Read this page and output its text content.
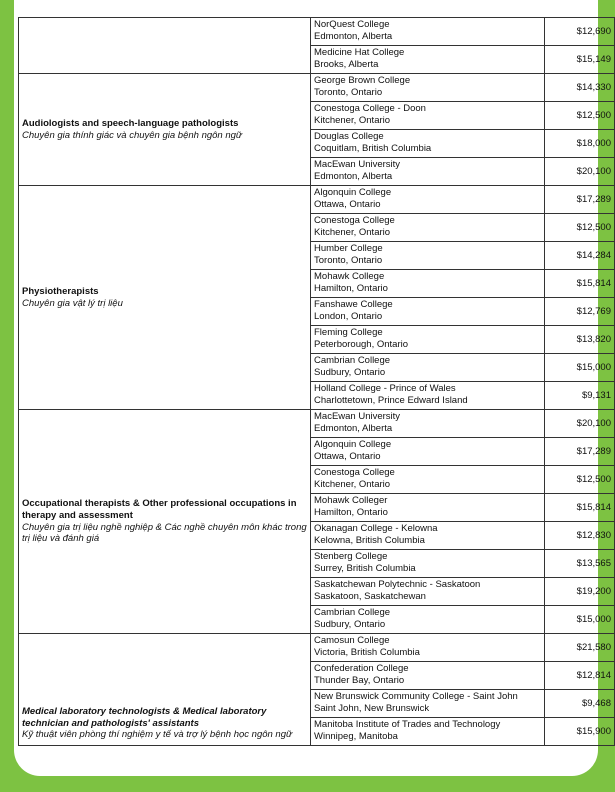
	NorQuest College
Edmonton, Alberta	$12,690

	Medicine Hat College
Brooks, Alberta	$15,149

Audiologists and speech-language pathologists
Chuyên gia thính giác và chuyên gia bệnh ngôn ngữ	George Brown College
Toronto, Ontario	$14,330

	Conestoga College - Doon
Kitchener, Ontario	$12,500

	Douglas College
Coquitlam, British Columbia	$18,000

	MacEwan University
Edmonton, Alberta	$20,100

Physiotherapists
Chuyên gia vật lý trị liệu	Algonquin College
Ottawa, Ontario	$17,289

	Conestoga College
Kitchener, Ontario	$12,500

	Humber College
Toronto, Ontario	$14,284

	Mohawk College
Hamilton, Ontario	$15,814

	Fanshawe College
London, Ontario	$12,769

	Fleming College
Peterborough, Ontario	$13,820

	Cambrian College
Sudbury, Ontario	$15,000

	Holland College - Prince of Wales
Charlottetown, Prince Edward Island	$9,131

Occupational therapists & Other professional occupations in therapy and assessment
Chuyên gia trị liệu nghề nghiệp & Các nghề chuyên môn khác trong trị liệu và đánh giá	MacEwan University
Edmonton, Alberta	$20,100

	Algonquin College
Ottawa, Ontario	$17,289

	Conestoga College
Kitchener, Ontario	$12,500

	Mohawk Colleger
Hamilton, Ontario	$15,814

	Okanagan College - Kelowna
Kelowna, British Columbia	$12,830

	Stenberg College
Surrey, British Columbia	$13,565

	Saskatchewan Polytechnic - Saskatoon
Saskatoon, Saskatchewan	$19,200

	Cambrian College
Sudbury, Ontario	$15,000

Medical laboratory technologists & Medical laboratory technician and pathologists' assistants
Kỹ thuật viên phòng thí nghiệm y tế và trợ lý bệnh học ngôn ngữ	Camosun College
Victoria, British Columbia	$21,580

	Confederation College
Thunder Bay, Ontario	$12,814

	New Brunswick Community College - Saint John
Saint John, New Brunswick	$9,468

	Manitoba Institute of Trades and Technology
Winnipeg, Manitoba	$15,900
